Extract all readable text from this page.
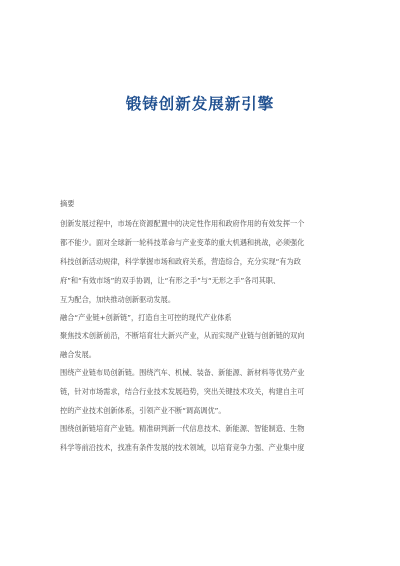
锻铸创新发展新引擎
摘要
创新发展过程中，市场在资源配置中的决定性作用和政府作用的有效发挥一个
都不能少。面对全球新一轮科技革命与产业变革的重大机遇和挑战，必须强化
科技创新活动规律，科学掌握市场和政府关系，营造综合，充分实现“有为政
府”和“有效市场”的双手协调，让“有形之手”与“无形之手”各司其职、
互为配合，加快推动创新驱动发展。
融合“产业链+创新链”，打造自主可控的现代产业体系
聚焦技术创新前沿，不断培育壮大新兴产业，从而实现产业链与创新链的双向
融合发展。
围绕产业链布局创新链。围绕汽车、机械、装备、新能源、新材料等优势产业
链，针对市场需求，结合行业技术发展趋势，突出关键技术攻关，构建自主可
控的产业技术创新体系，引领产业不断“调高调优”。
围绕创新链培育产业链。精准研判新一代信息技术、新能源、智能制造、生物
科学等前沿技术，找准有条件发展的技术领域，以培育竞争力强、产业集中度
